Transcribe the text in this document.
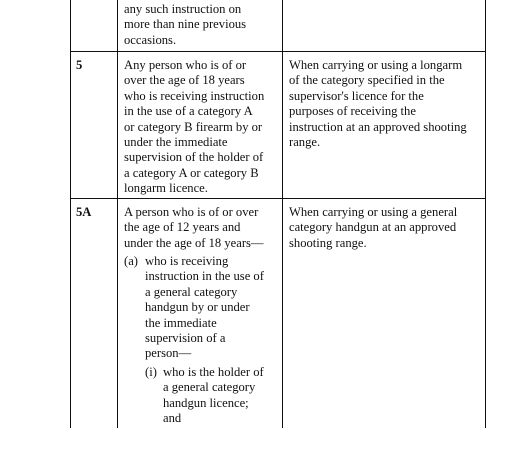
any such instruction on
more than nine previous
occasions.
5	Any person who is of or
over the age of 18 years
who is receiving instruction
in the use of a category A
or category B firearm by or
under the immediate
supervision of the holder of
a category A or category B
longarm licence.
When carrying or using a longarm
of the category specified in the
supervisor's licence for the
purposes of receiving the
instruction at an approved shooting
range.
5A	A person who is of or over
the age of 12 years and
under the age of 18 years—
(a) who is receiving
instruction in the use of
a general category
handgun by or under
the immediate
supervision of a
person—
(i) who is the holder of
a general category
handgun licence;
and
When carrying or using a general
category handgun at an approved
shooting range.
